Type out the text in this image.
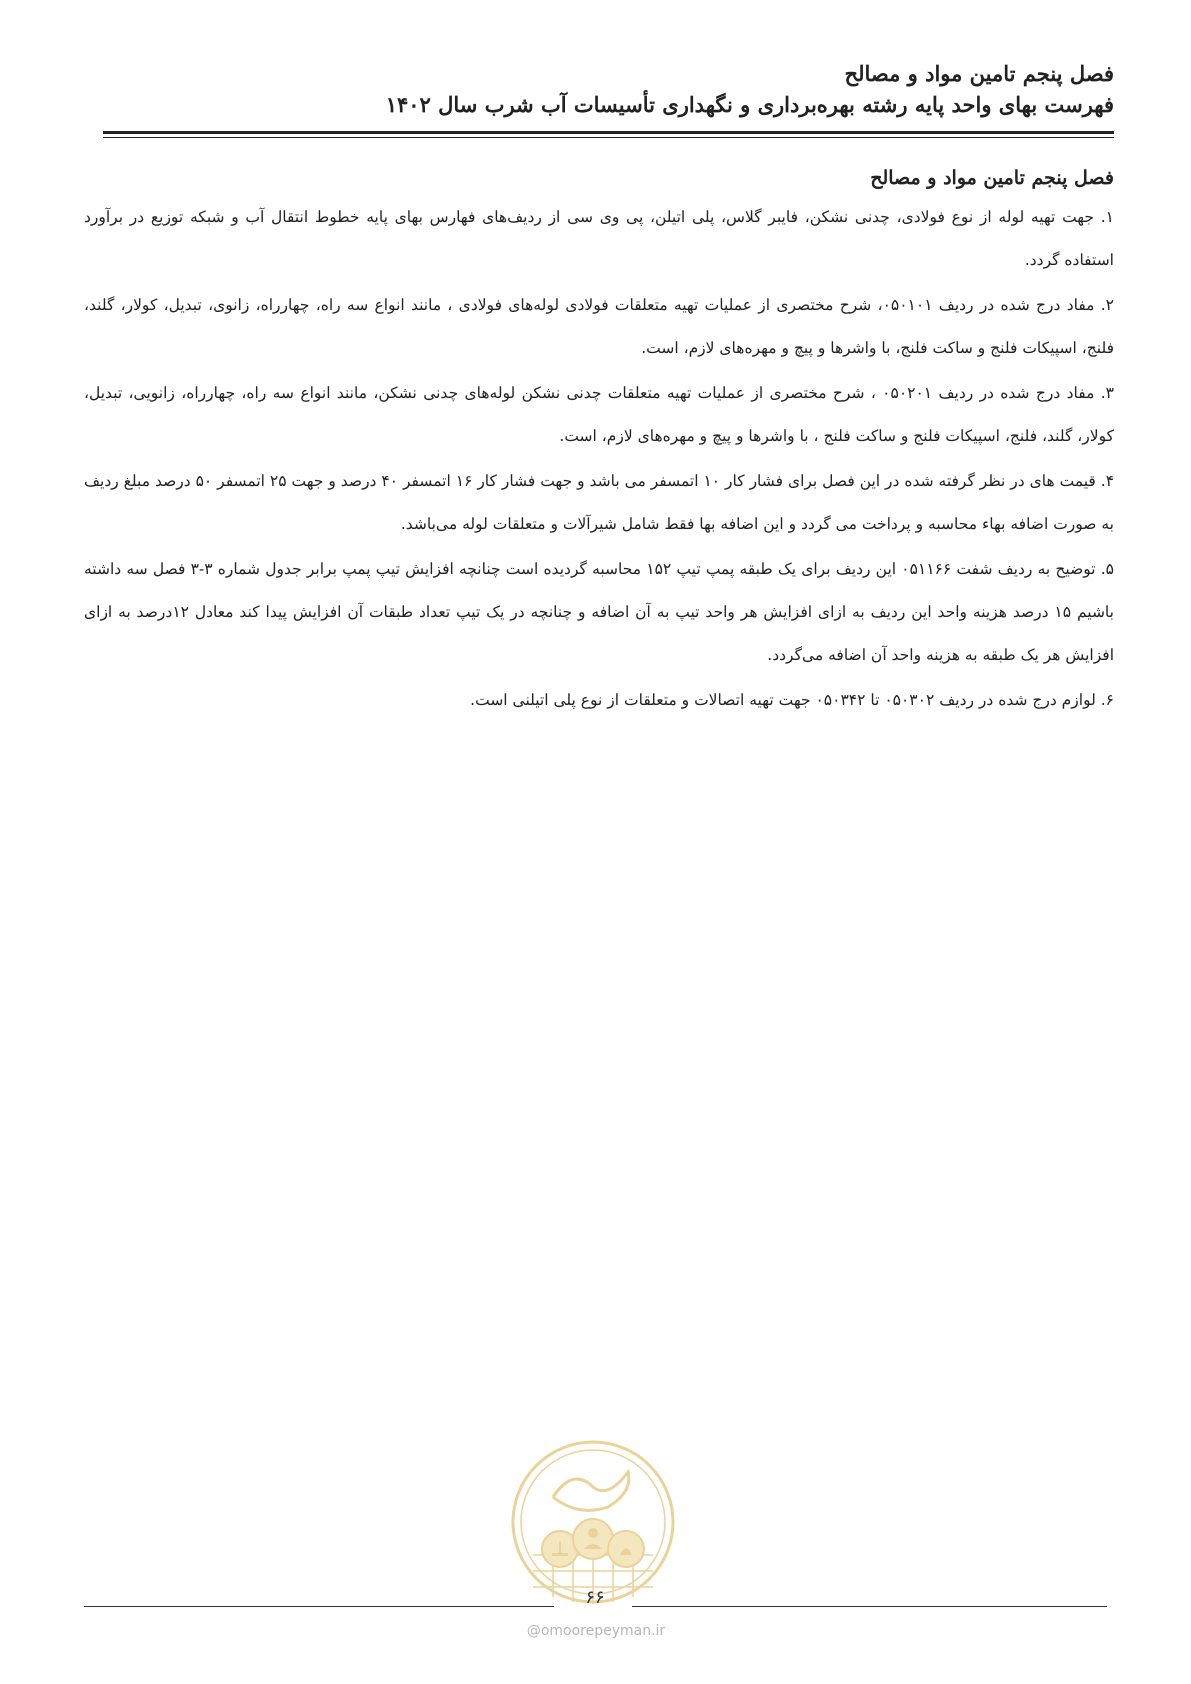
فصل پنجم تامین مواد و مصالح
فهرست بهای واحد پایه رشته بهره‌برداری و نگهداری تأسیسات آب شرب سال ۱۴۰۲
فصل پنجم تامین مواد و مصالح

۱. جهت تهیه لوله از نوع فولادی، چدنی نشکن، فایبر گلاس، پلی اتیلن، پی وی سی از ردیف‌های فهارس بهای پایه خطوط انتقال آب و شبکه توزیع در برآورد استفاده گردد.

۲. مفاد درج شده در ردیف ۰۵۰۱۰۱، شرح مختصری از عملیات تهیه متعلقات فولادی لوله‌های فولادی ، مانند انواع سه راه، چهارراه، زانوی، تبدیل، کولار، گلند، فلنج، اسپیکات فلنج و ساکت فلنج، با واشرها و پیچ و مهره‌های لازم، است.

۳. مفاد درج شده در ردیف ۰۵۰۲۰۱ ، شرح مختصری از عملیات تهیه متعلقات چدنی نشکن لوله‌های چدنی نشکن، مانند انواع سه راه، چهارراه، زانویی، تبدیل، کولار، گلند، فلنج، اسپیکات فلنج و ساکت فلنج ، با واشرها و پیچ و مهره‌های لازم، است.

۴. قیمت های در نظر گرفته شده در این فصل برای فشار کار ۱۰ اتمسفر می باشد و جهت فشار کار ۱۶ اتمسفر ۴۰ درصد و جهت ۲۵ اتمسفر ۵۰ درصد مبلغ ردیف به صورت اضافه بهاء محاسبه و پرداخت می گردد و این اضافه بها فقط شامل شیرآلات و متعلقات لوله می‌باشد.

۵. توضیح به ردیف شفت ۰۵۱۱۶۶ این ردیف برای یک طبقه پمپ تیپ ۱۵۲ محاسبه گردیده است چنانچه افزایش تیپ پمپ برابر جدول شماره ۳-۳ فصل سه داشته باشیم ۱۵ درصد هزینه واحد این ردیف به ازای افزایش هر واحد تیپ به آن اضافه و چنانچه در یک تیپ تعداد طبقات آن افزایش پیدا کند معادل ۱۲درصد به ازای افزایش هر یک طبقه به هزینه واحد آن اضافه می‌گردد.

۶. لوازم درج شده در ردیف ۰۵۰۳۰۲ تا ۰۵۰۳۴۲ جهت تهیه اتصالات و متعلقات از نوع پلی اتیلنی است.

۶۶
@omoorepeyman.ir
